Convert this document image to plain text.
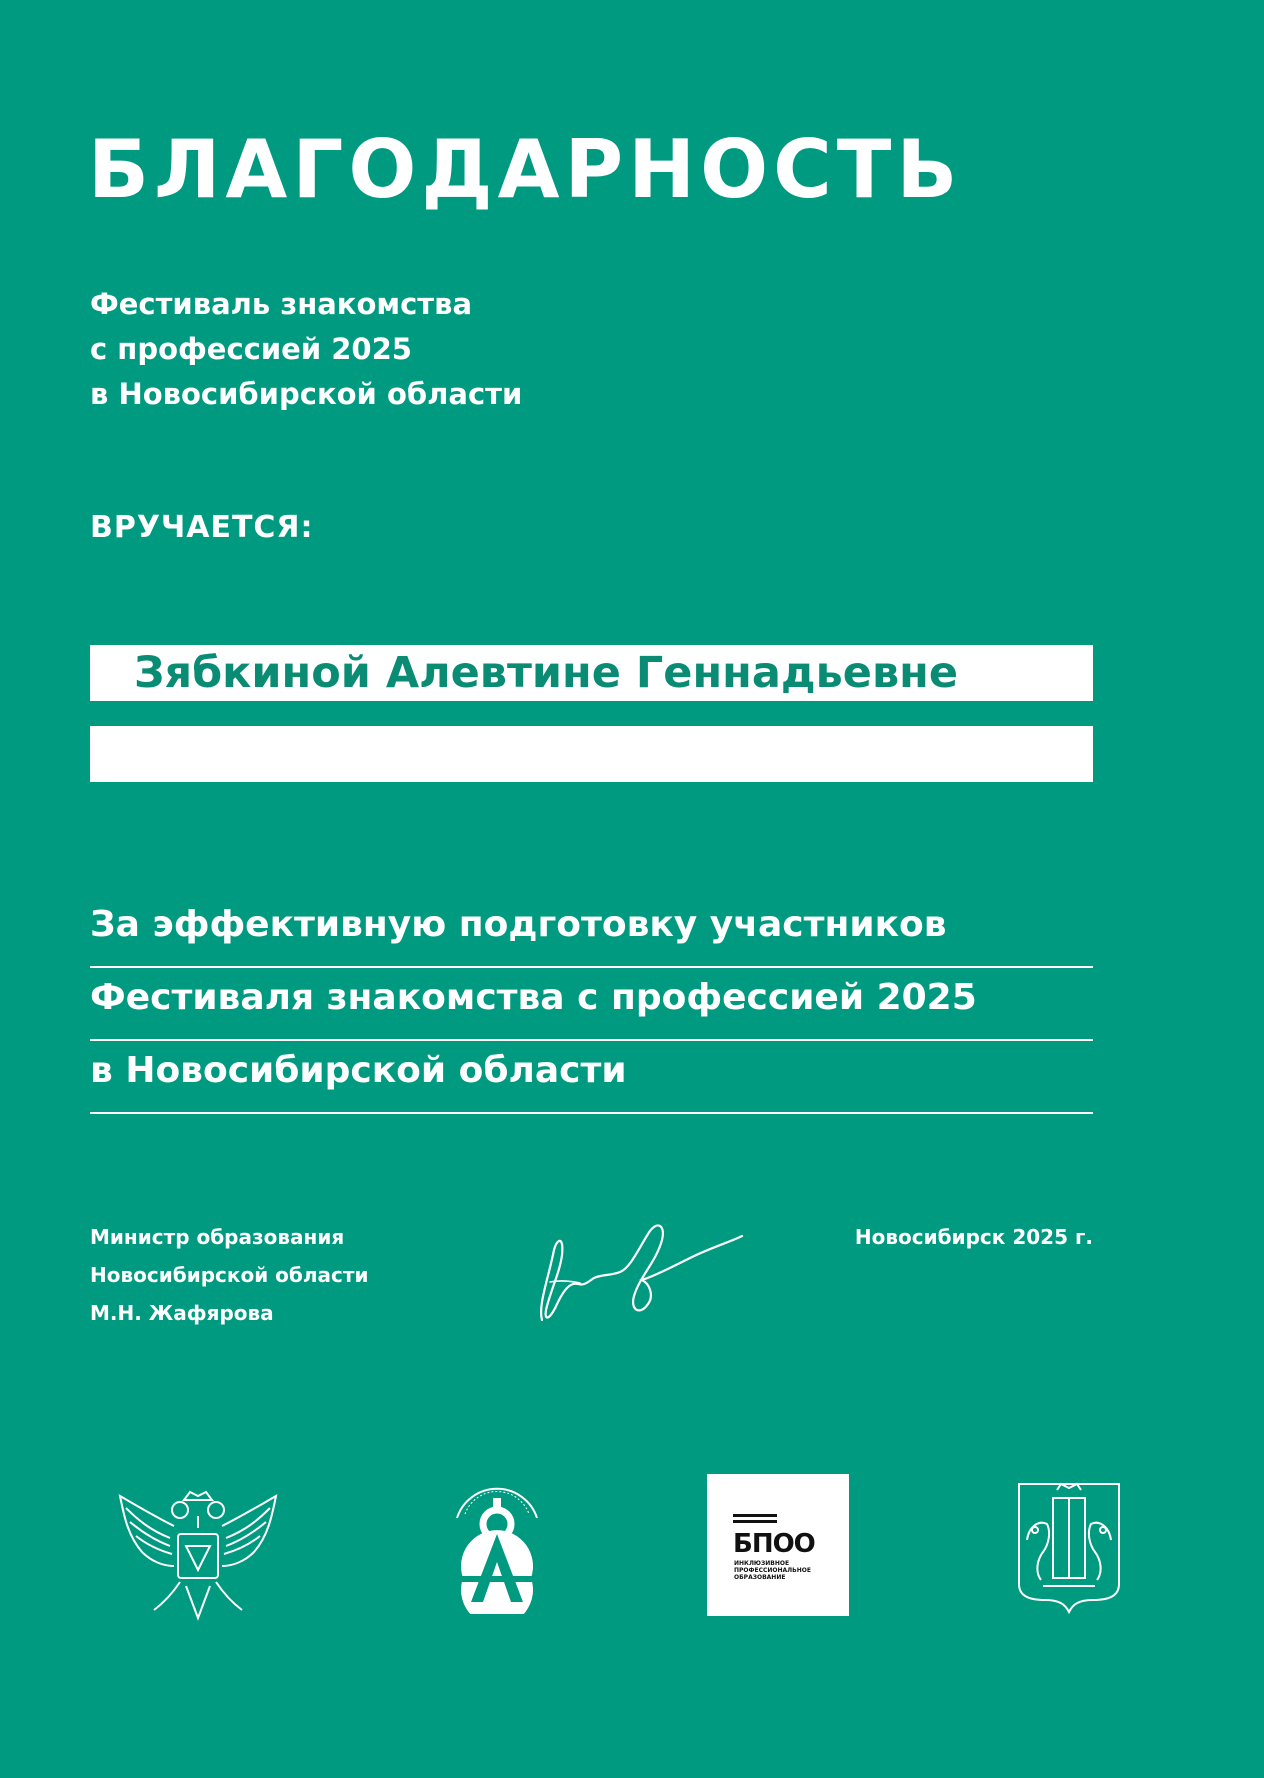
БЛАГОДАРНОСТЬ
Фестиваль знакомства
с профессией 2025
в Новосибирской области
ВРУЧАЕТСЯ:
Зябкиной Алевтине Геннадьевне
За эффективную подготовку участников
Фестиваля знакомства с профессией 2025
в Новосибирской области
Министр образования
Новосибирской области
М.Н. Жафярова
Новосибирск 2025 г.
БПОО
ИНКЛЮЗИВНОЕ
ПРОФЕССИОНАЛЬНОЕ
ОБРАЗОВАНИЕ
